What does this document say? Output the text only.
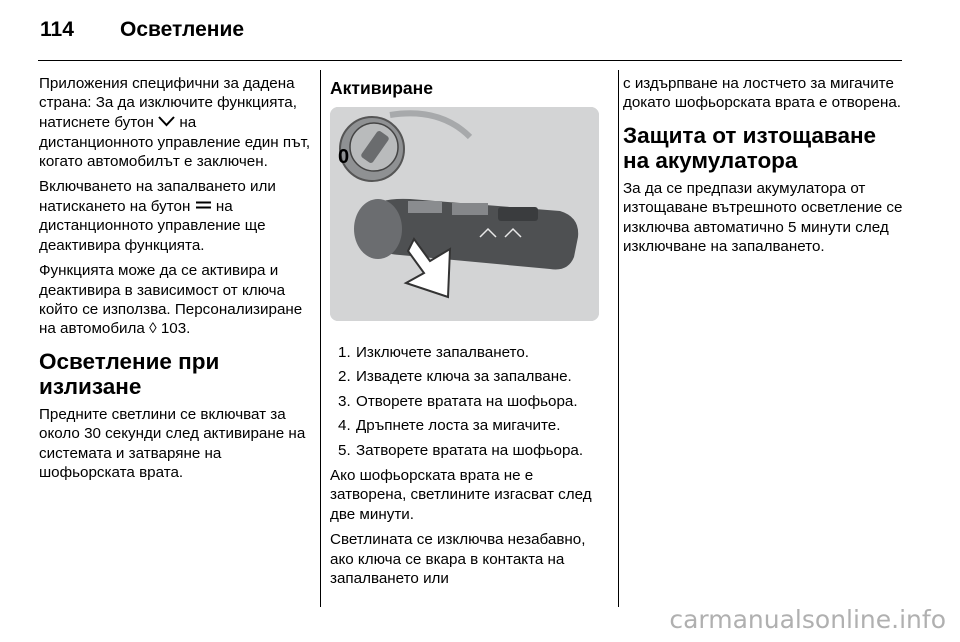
114 Осветление

Приложения специфични за дадена страна: За да изключите функцията, натиснете бутон  на дистанционното управление един път, когато автомобилът е заключен.

Включването на запалването или натискането на бутон  на дистанционното управление ще деактивира функцията.

Функцията може да се активира и деактивира в зависимост от ключа който се използва. Персонализиране на автомобила ◊ 103.

Осветление при излизане

Предните светлини се включват за около 30 секунди след активиране на системата и затваряне на шофьорската врата.

Активиране
0
1. Изключете запалването.
2. Извадете ключа за запалване.
3. Отворете вратата на шофьора.
4. Дръпнете лоста за мигачите.
5. Затворете вратата на шофьора.

Ако шофьорската врата не е затворена, светлините изгасват след две минути.

Светлината се изключва незабавно, ако ключа се вкара в контакта на запалването или

с издърпване на лостчето за мигачите докато шофьорската врата е отворена.

Защита от изтощаване на акумулатора

За да се предпази акумулатора от изтощаване вътрешното осветление се изключва автоматично 5 минути след изключване на запалването.

carmanualsonline.info
